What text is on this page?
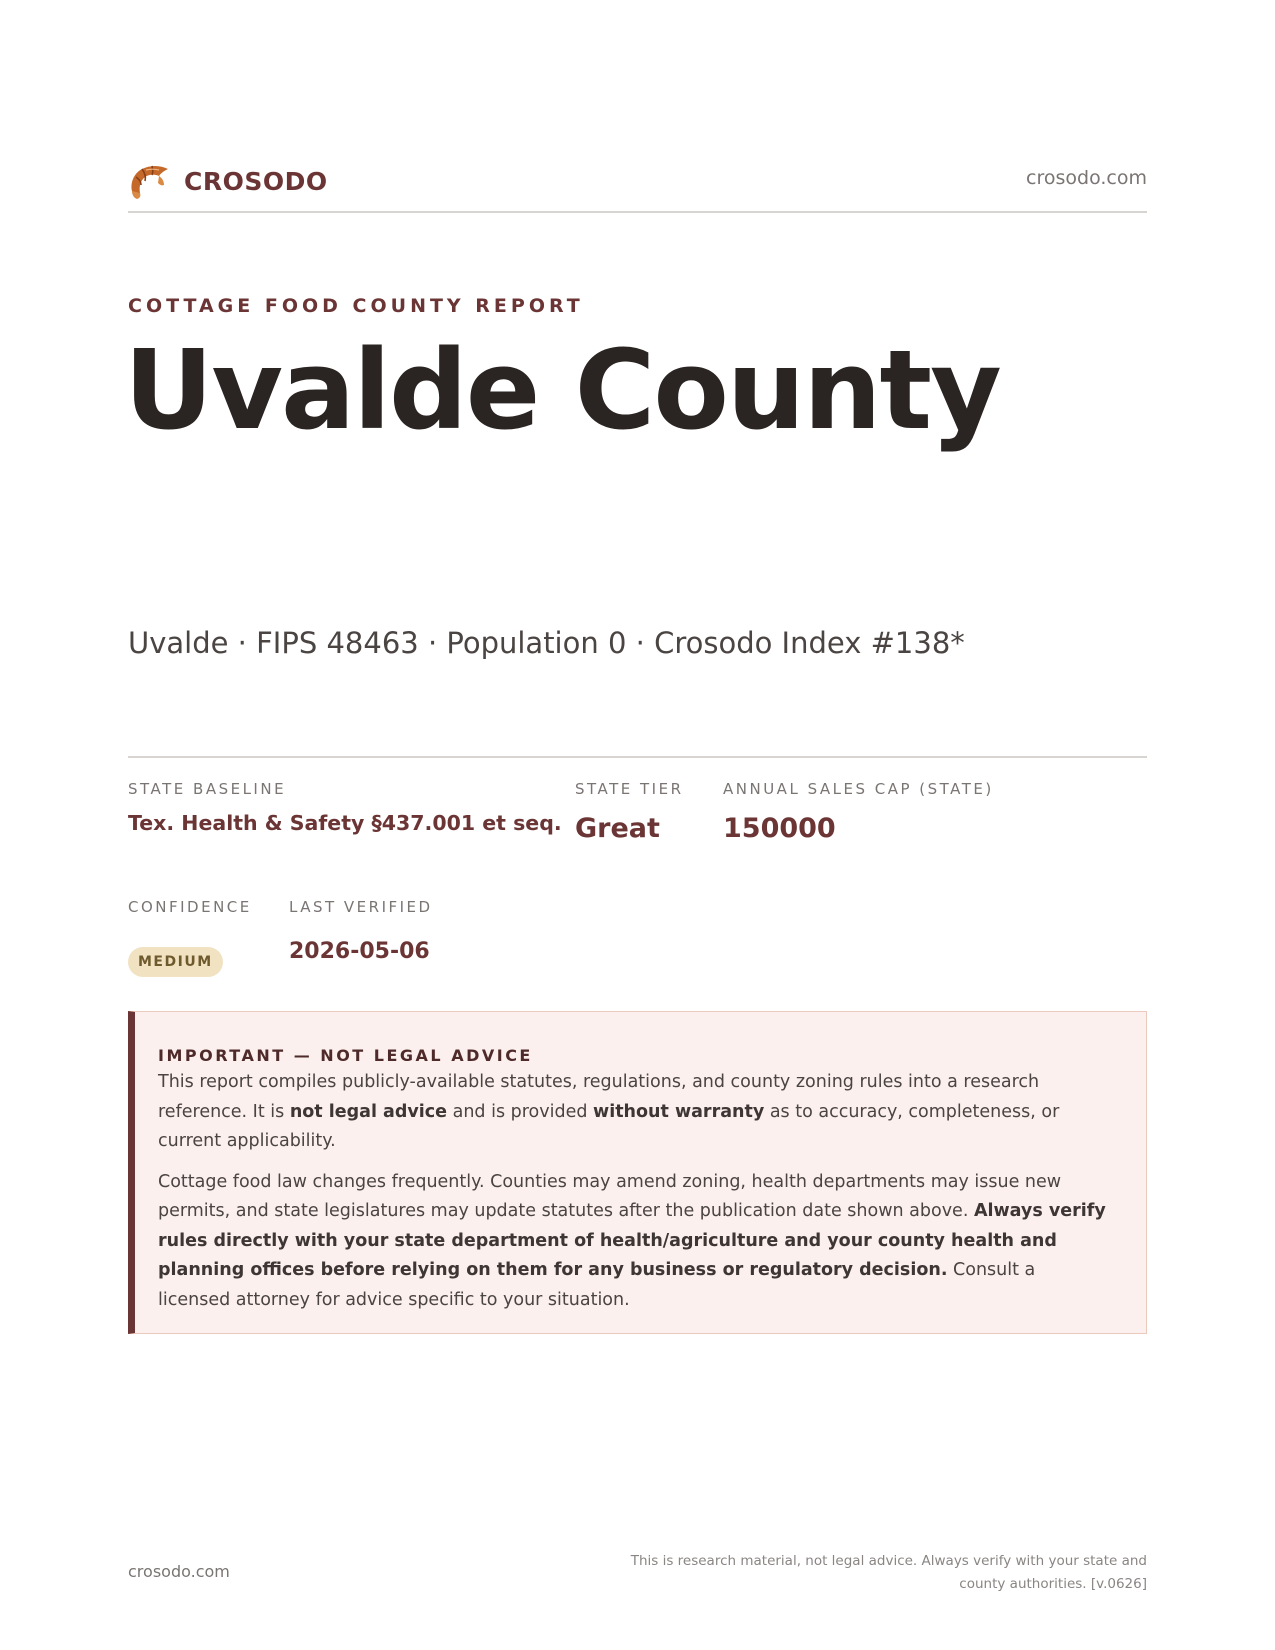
CROSODO	crosodo.com
COTTAGE FOOD COUNTY REPORT
Uvalde County
Uvalde · FIPS 48463 · Population 0 · Crosodo Index #138*
STATE BASELINE
Tex. Health & Safety §437.001 et seq.
STATE TIER
Great
ANNUAL SALES CAP (STATE)
150000
CONFIDENCE
MEDIUM
LAST VERIFIED
2026-05-06
IMPORTANT — NOT LEGAL ADVICE

This report compiles publicly-available statutes, regulations, and county zoning rules into a research reference. It is not legal advice and is provided without warranty as to accuracy, completeness, or current applicability.

Cottage food law changes frequently. Counties may amend zoning, health departments may issue new permits, and state legislatures may update statutes after the publication date shown above. Always verify rules directly with your state department of health/agriculture and your county health and planning offices before relying on them for any business or regulatory decision. Consult a licensed attorney for advice specific to your situation.

crosodo.com
This is research material, not legal advice. Always verify with your state and county authorities. [v.0626]
